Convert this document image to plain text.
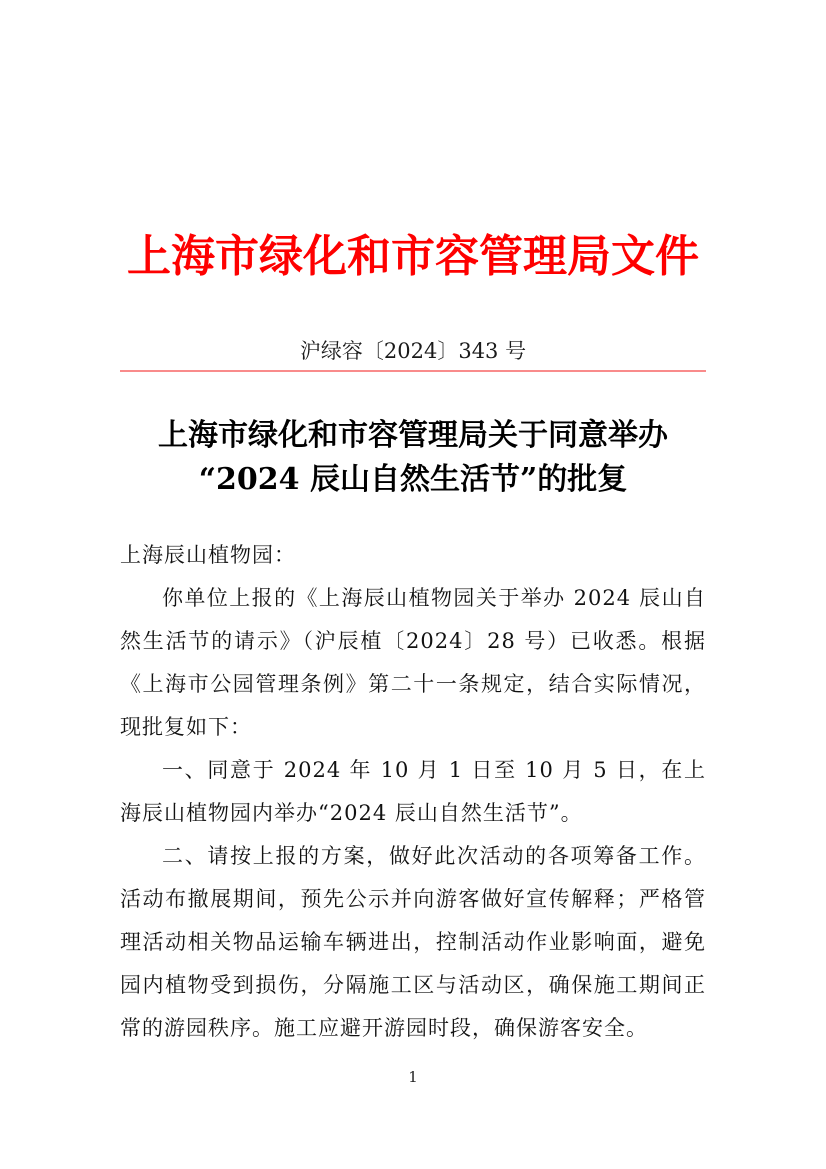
上海市绿化和市容管理局文件
沪绿容〔2024〕343 号
上海市绿化和市容管理局关于同意举办
“2024 辰山自然生活节”的批复

上海辰山植物园：

你单位上报的《上海辰山植物园关于举办 2024 辰山自然生活节的请示》（沪辰植〔2024〕28 号）已收悉。根据《上海市公园管理条例》第二十一条规定，结合实际情况，现批复如下：

一、同意于 2024 年 10 月 1 日至 10 月 5 日，在上海辰山植物园内举办“2024 辰山自然生活节”。

二、请按上报的方案，做好此次活动的各项筹备工作。活动布撤展期间，预先公示并向游客做好宣传解释；严格管理活动相关物品运输车辆进出，控制活动作业影响面，避免园内植物受到损伤，分隔施工区与活动区，确保施工期间正常的游园秩序。施工应避开游园时段，确保游客安全。

1
